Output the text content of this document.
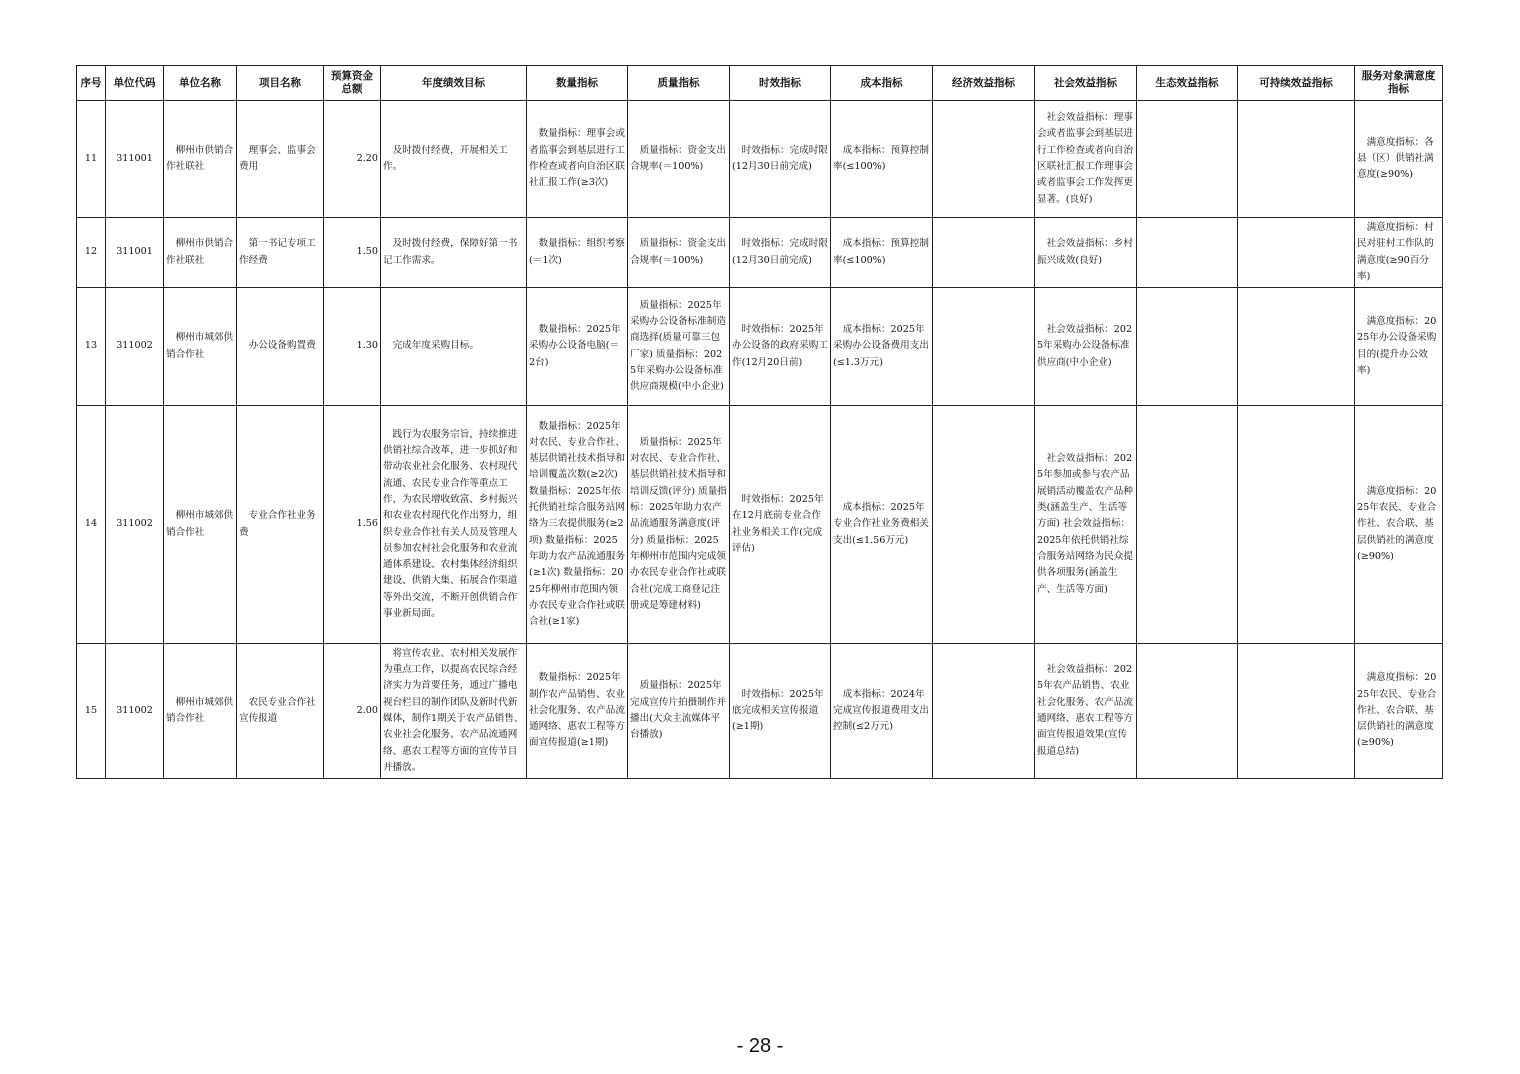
序号	单位代码	单位名称	项目名称	预算资金总额	年度绩效目标	数量指标	质量指标	时效指标	成本指标	经济效益指标	社会效益指标	生态效益指标	可持续效益指标	服务对象满意度指标
11	311001	柳州市供销合作社联社	理事会、监事会费用	2.20	及时拨付经费，开展相关工作。	数量指标：理事会或者监事会到基层进行工作检查或者向自治区联社汇报工作(≥3次)	质量指标：资金支出合规率(＝100%)	时效指标：完成时限(12月30日前完成)	成本指标：预算控制率(≤100%)		社会效益指标：理事会或者监事会到基层进行工作检查或者向自治区联社汇报工作理事会或者监事会工作发挥更显著。(良好)			满意度指标：各县（区）供销社满意度(≥90%)
12	311001	柳州市供销合作社联社	第一书记专项工作经费	1.50	及时拨付经费，保障好第一书记工作需求。	数量指标：组织考察(＝1次)	质量指标：资金支出合规率(＝100%)	时效指标：完成时限(12月30日前完成)	成本指标：预算控制率(≤100%)		社会效益指标：乡村振兴成效(良好)			满意度指标：村民对驻村工作队的满意度(≥90百分率)
13	311002	柳州市城郊供销合作社	办公设备购置费	1.30	完成年度采购目标。	数量指标：2025年采购办公设备电脑(＝2台)	质量指标：2025年采购办公设备标准制造商选择(质量可靠三包厂家) 质量指标：2025年采购办公设备标准供应商规模(中小企业)	时效指标：2025年办公设备的政府采购工作(12月20日前)	成本指标：2025年采购办公设备费用支出(≤1.3万元)		社会效益指标：2025年采购办公设备标准供应商(中小企业)			满意度指标：2025年办公设备采购目的(提升办公效率)
14	311002	柳州市城郊供销合作社	专业合作社业务费	1.56	践行为农服务宗旨，持续推进供销社综合改革，进一步抓好和带动农业社会化服务、农村现代流通、农民专业合作等重点工作，为农民增收致富、乡村振兴和农业农村现代化作出努力，组织专业合作社有关人员及管理人员参加农村社会化服务和农业流通体系建设、农村集体经济组织建设、供销大集、拓展合作渠道等外出交流，不断开创供销合作事业新局面。	数量指标：2025年对农民、专业合作社、基层供销社技术指导和培训覆盖次数(≥2次) 数量指标：2025年依托供销社综合服务站网络为三农提供服务(≥2项) 数量指标：2025年助力农产品流通服务(≥1次) 数量指标：2025年柳州市范围内领办农民专业合作社或联合社(≥1家)	质量指标：2025年对农民、专业合作社、基层供销社技术指导和培训反馈(评分) 质量指标：2025年助力农产品流通服务满意度(评分) 质量指标：2025年柳州市范围内完成领办农民专业合作社或联合社(完成工商登记注册或是筹建材料)	时效指标：2025年在12月底前专业合作社业务相关工作(完成评估)	成本指标：2025年专业合作社业务费相关支出(≤1.56万元)		社会效益指标：2025年参加或参与农产品展销活动覆盖农产品种类(涵盖生产、生活等方面) 社会效益指标：2025年依托供销社综合服务站网络为民众提供各项服务(涵盖生产、生活等方面)			满意度指标：2025年农民、专业合作社、农合联、基层供销社的满意度(≥90%)
15	311002	柳州市城郊供销合作社	农民专业合作社宣传报道	2.00	将宣传农业、农村相关发展作为重点工作，以提高农民综合经济实力为首要任务，通过广播电视台栏目的制作团队及新时代新媒体，制作1期关于农产品销售、农业社会化服务、农产品流通网络、惠农工程等方面的宣传节目并播放。	数量指标：2025年制作农产品销售、农业社会化服务、农产品流通网络、惠农工程等方面宣传报道(≥1期)	质量指标：2025年完成宣传片拍摄制作并播出(大众主流媒体平台播放)	时效指标：2025年底完成相关宣传报道(≥1期)	成本指标：2024年完成宣传报道费用支出控制(≤2万元)		社会效益指标：2025年农产品销售、农业社会化服务、农产品流通网络、惠农工程等方面宣传报道效果(宣传报道总结)			满意度指标：2025年农民、专业合作社、农合联、基层供销社的满意度(≥90%)
- 28 -
